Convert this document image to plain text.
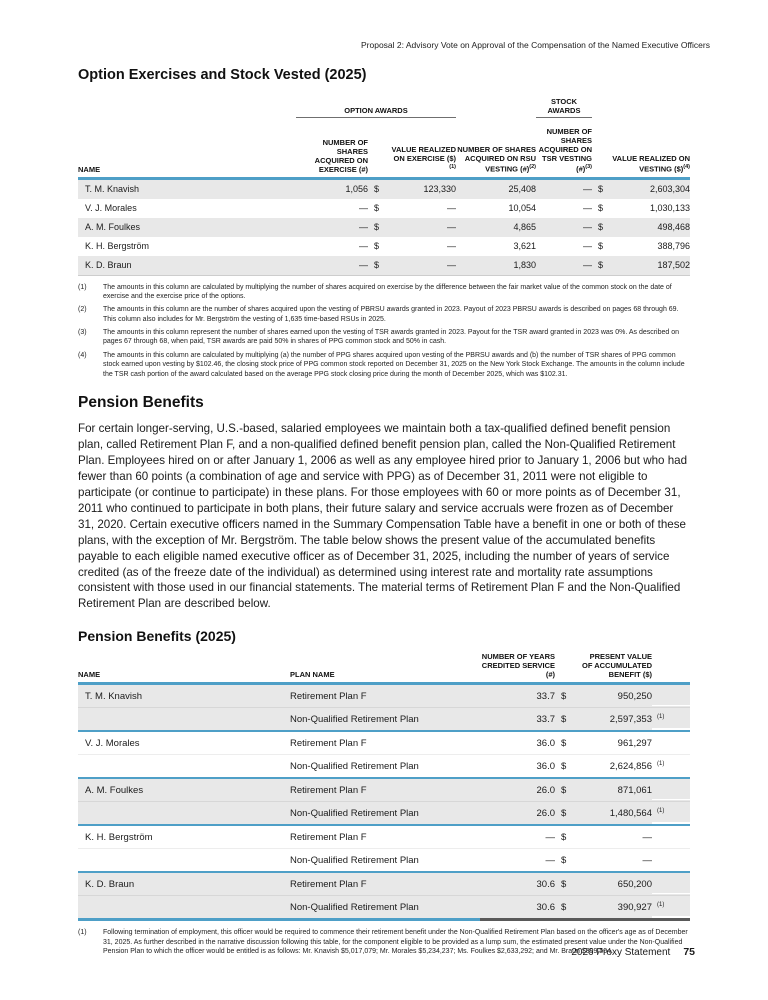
Proposal 2: Advisory Vote on Approval of the Compensation of the Named Executive Officers
Option Exercises and Stock Vested (2025)
	OPTION AWARDS				STOCK AWARDS		
NAME	NUMBER OF SHARES ACQUIRED ON EXERCISE (#)		VALUE REALIZED ON EXERCISE ($)$^{(1)}$	NUMBER OF SHARES ACQUIRED ON RSU VESTING (#)$^{(2)}$	NUMBER OF SHARES ACQUIRED ON TSR VESTING (#)$^{(3)}$		VALUE REALIZED ON VESTING ($)$^{(4)}$
T. M. Knavish	1,056	$	123,330	25,408	—	$	2,603,304
V. J. Morales	—	$	—	10,054	—	$	1,030,133
A. M. Foulkes	—	$	—	4,865	—	$	498,468
K. H. Bergström	—	$	—	3,621	—	$	388,796
K. D. Braun	—	$	—	1,830	—	$	187,502
(1)	The amounts in this column are calculated by multiplying the number of shares acquired on exercise by the difference between the fair market value of the common stock on the date of exercise and the exercise price of the options.
(2)	The amounts in this column are the number of shares acquired upon the vesting of PBRSU awards granted in 2023. Payout of 2023 PBRSU awards is described on pages 68 through 69. This column also includes for Mr. Bergström the vesting of 1,635 time-based RSUs in 2025.
(3)	The amounts in this column represent the number of shares earned upon the vesting of TSR awards granted in 2023. Payout for the TSR award granted in 2023 was 0%. As described on pages 67 through 68, when paid, TSR awards are paid 50% in shares of PPG common stock and 50% in cash.
(4)	The amounts in this column are calculated by multiplying (a) the number of PPG shares acquired upon vesting of the PBRSU awards and (b) the number of TSR shares of PPG common stock earned upon vesting by $102.46, the closing stock price of PPG common stock reported on December 31, 2025 on the New York Stock Exchange. The amounts in the column include the TSR cash portion of the award calculated based on the average PPG stock closing price during the month of December 2025, which was $102.31.
Pension Benefits

For certain longer-serving, U.S.-based, salaried employees we maintain both a tax-qualified defined benefit pension plan, called Retirement Plan F, and a non-qualified defined benefit pension plan, called the Non-Qualified Retirement Plan. Employees hired on or after January 1, 2006 as well as any employee hired prior to January 1, 2006 but who had fewer than 60 points (a combination of age and service with PPG) as of December 31, 2011 were not eligible to participate (or continue to participate) in these plans. For those employees with 60 or more points as of December 31, 2011 who continued to participate in both plans, their future salary and service accruals were frozen as of December 31, 2020. Certain executive officers named in the Summary Compensation Table have a benefit in one or both of these plans, with the exception of Mr. Bergström. The table below shows the present value of the accumulated benefits payable to each eligible named executive officer as of December 31, 2025, including the number of years of service credited (as of the freeze date of the individual) as determined using interest rate and mortality rate assumptions consistent with those used in our financial statements. The material terms of Retirement Plan F and the Non-Qualified Retirement Plan are described below.

Pension Benefits (2025)
NAME	PLAN NAME	NUMBER OF YEARS CREDITED SERVICE (#)		PRESENT VALUE OF ACCUMULATED BENEFIT ($)	
T. M. Knavish	Retirement Plan F	33.7	$	950,250	
	Non-Qualified Retirement Plan	33.7	$	2,597,353	(1)
V. J. Morales	Retirement Plan F	36.0	$	961,297	
	Non-Qualified Retirement Plan	36.0	$	2,624,856	(1)
A. M. Foulkes	Retirement Plan F	26.0	$	871,061	
	Non-Qualified Retirement Plan	26.0	$	1,480,564	(1)
K. H. Bergström	Retirement Plan F	—	$	—	
	Non-Qualified Retirement Plan	—	$	—	
K. D. Braun	Retirement Plan F	30.6	$	650,200	
	Non-Qualified Retirement Plan	30.6	$	390,927	(1)
(1)	Following termination of employment, this officer would be required to commence their retirement benefit under the Non-Qualified Retirement Plan based on the officer's age as of December 31, 2025. As further described in the narrative discussion following this table, for the component eligible to be provided as a lump sum, the estimated present value under the Non-Qualified Pension Plan to which the officer would be entitled is as follows: Mr. Knavish $5,017,079; Mr. Morales $5,234,237; Ms. Foulkes $2,633,292; and Mr. Braun $899,504.
2026 Proxy Statement 75
